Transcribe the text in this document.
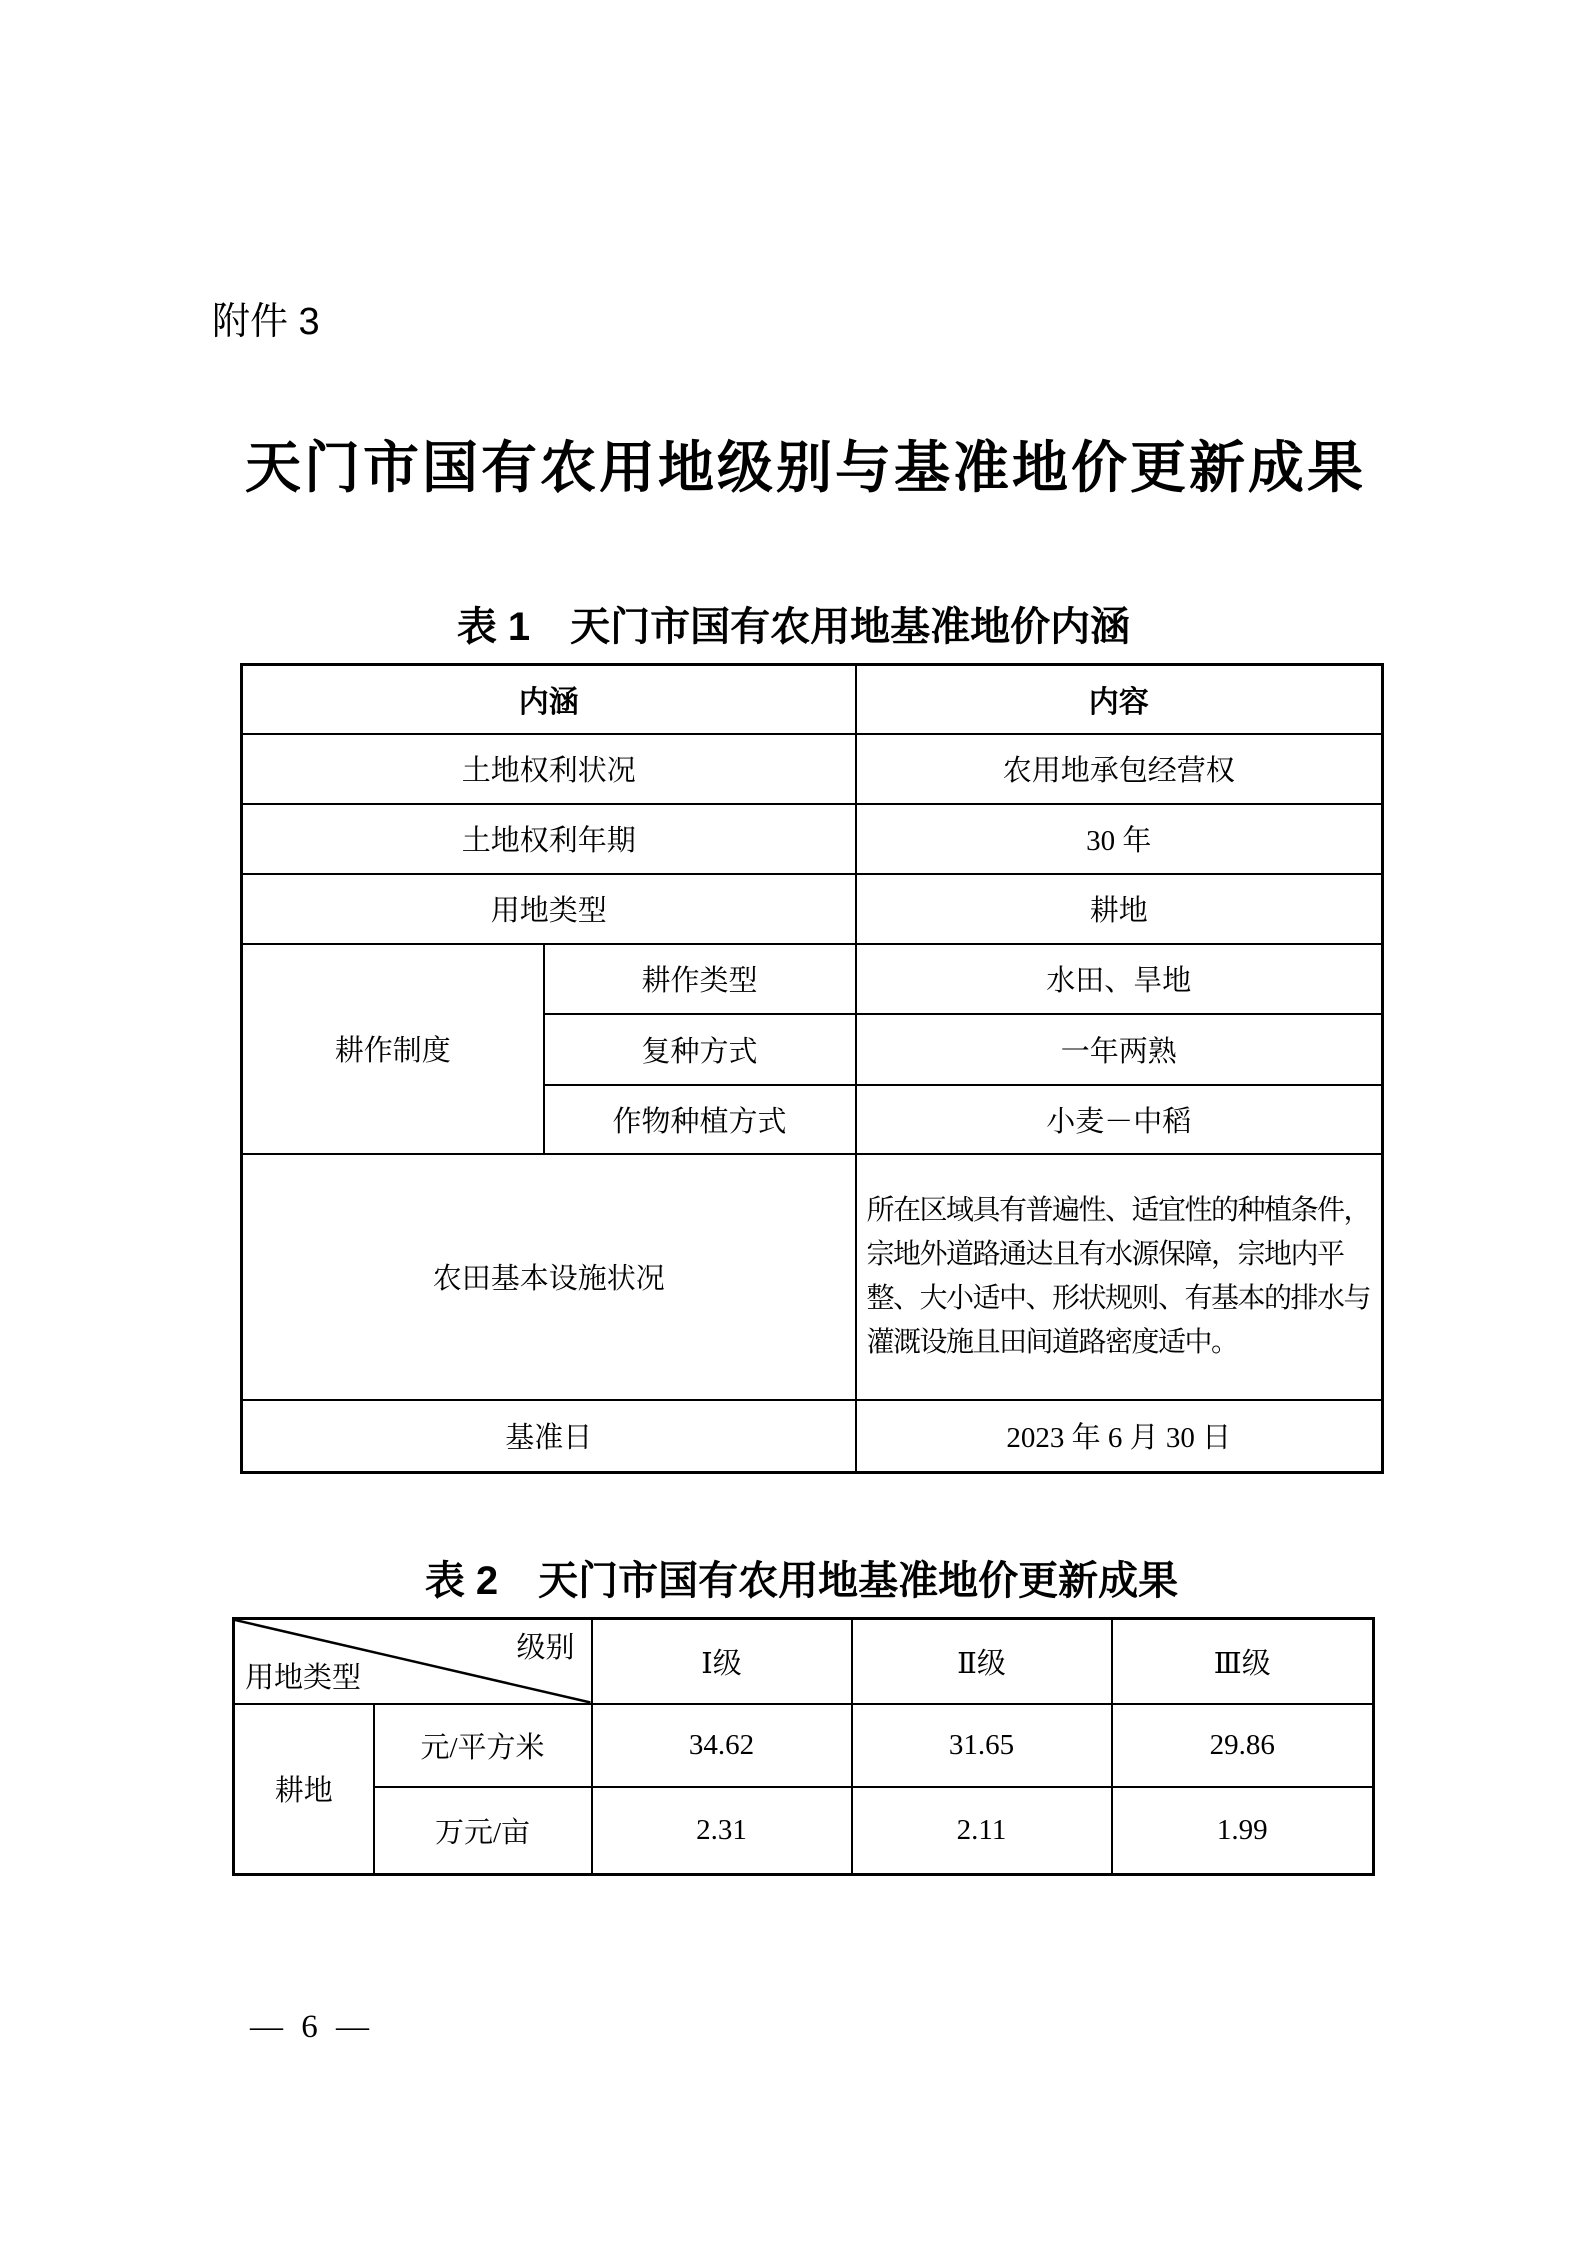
附件 3
天门市国有农用地级别与基准地价更新成果
表 1　天门市国有农用地基准地价内涵
内涵		内容
土地权利状况		农用地承包经营权
土地权利年期		30 年
用地类型		耕地
耕作制度	耕作类型	水田、旱地
	复种方式	一年两熟
	作物种植方式	小麦－中稻
农田基本设施状况		所在区域具有普遍性、适宜性的种植条件，宗地外道路通达且有水源保障，宗地内平整、大小适中、形状规则、有基本的排水与灌溉设施且田间道路密度适中。
基准日		2023 年 6 月 30 日
表 2　天门市国有农用地基准地价更新成果
级别
用地类型		Ⅰ级	Ⅱ级	Ⅲ级
耕地	元/平方米	34.62	31.65	29.86
	万元/亩	2.31	2.11	1.99
— 6 —
